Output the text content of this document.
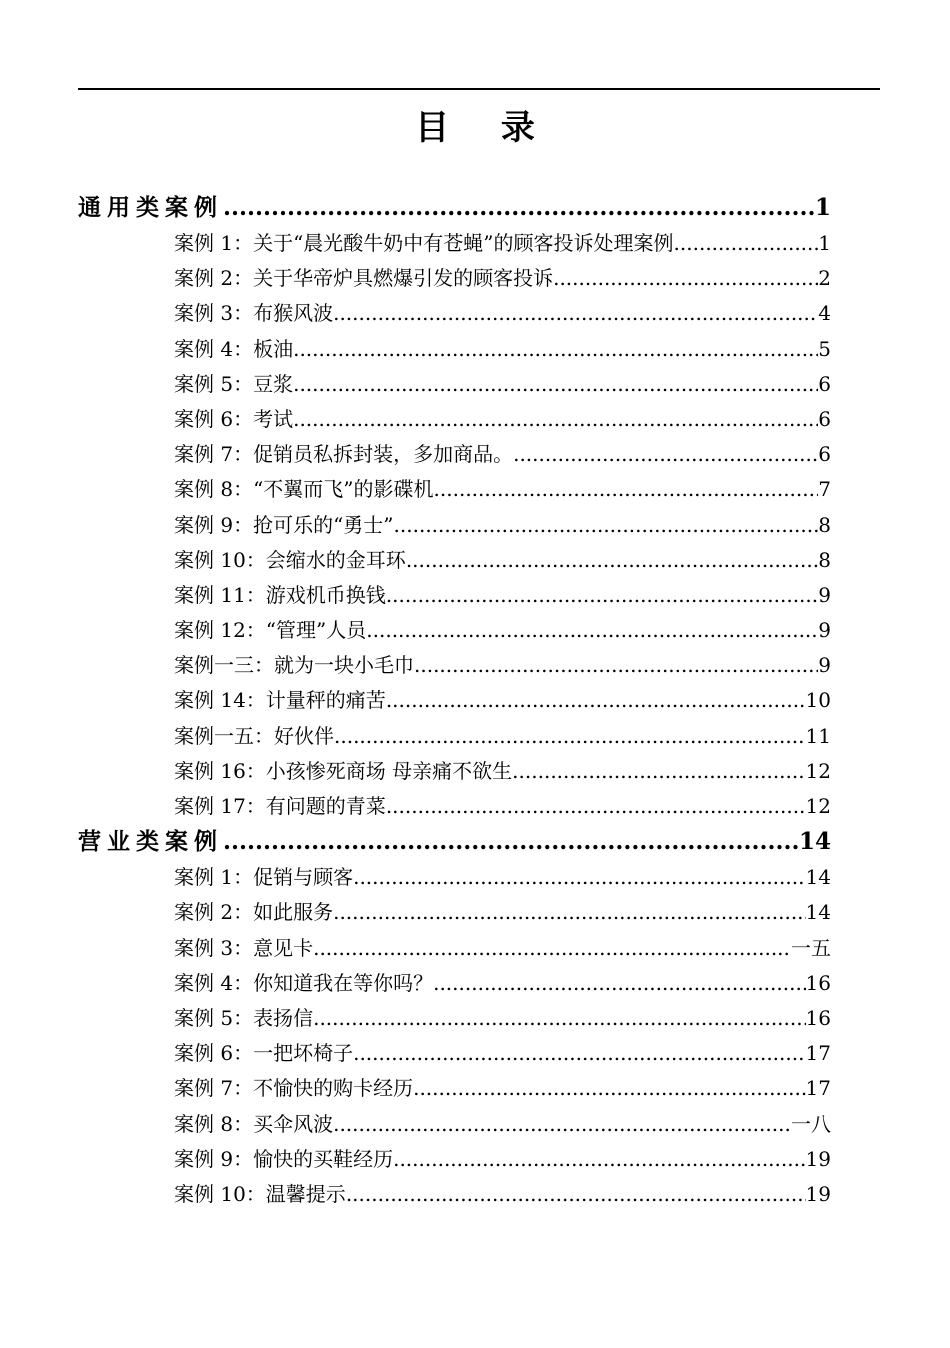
目 录
通用类案例 .....	1
案例 1：关于“晨光酸牛奶中有苍蝇”的顾客投诉处理案例 .....	1
案例 2：关于华帝炉具燃爆引发的顾客投诉 .....	2
案例 3：布猴风波 .....	4
案例 4：板油 .....	5
案例 5：豆浆 .....	6
案例 6：考试 .....	6
案例 7：促销员私拆封装，多加商品。 .....	6
案例 8：“不翼而飞”的影碟机 .....	7
案例 9：抢可乐的“勇士” .....	8
案例 10：会缩水的金耳环 .....	8
案例 11：游戏机币换钱 .....	9
案例 12：“管理”人员 .....	9
案例一三：就为一块小毛巾 .....	9
案例 14：计量秤的痛苦 .....	10
案例一五：好伙伴 .....	11
案例 16：小孩惨死商场 母亲痛不欲生 .....	12
案例 17：有问题的青菜 .....	12
营业类案例 .....	14
案例 1：促销与顾客 .....	14
案例 2：如此服务 .....	14
案例 3：意见卡 .....	一五
案例 4：你知道我在等你吗？ .....	16
案例 5：表扬信 .....	16
案例 6：一把坏椅子 .....	17
案例 7：不愉快的购卡经历 .....	17
案例 8：买伞风波 .....	一八
案例 9：愉快的买鞋经历 .....	19
案例 10：温馨提示 .....	19
